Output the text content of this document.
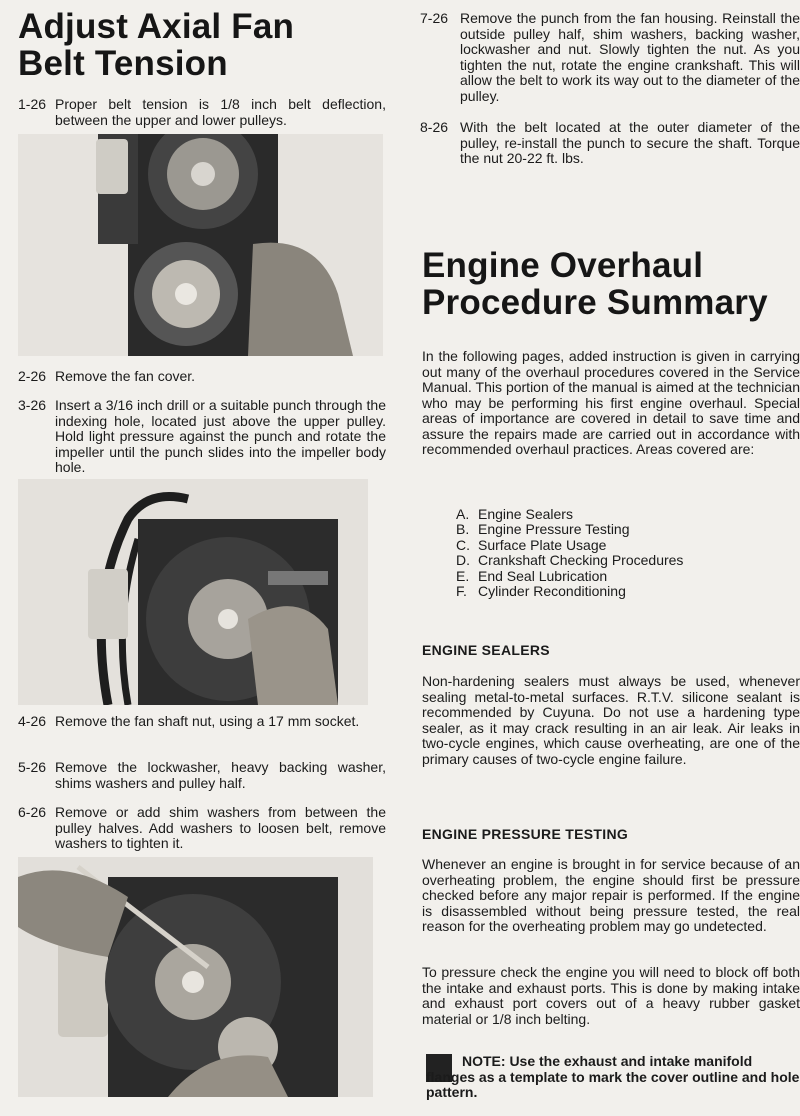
Adjust Axial Fan
Belt Tension
1-26 Proper belt tension is 1/8 inch belt deflection, between the upper and lower pulleys.
2-26 Remove the fan cover.
3-26 Insert a 3/16 inch drill or a suitable punch through the indexing hole, located just above the upper pulley. Hold light pressure against the punch and rotate the impeller until the punch slides into the impeller body hole.
4-26 Remove the fan shaft nut, using a 17 mm socket.
5-26 Remove the lockwasher, heavy backing washer, shims washers and pulley half.
6-26 Remove or add shim washers from between the pulley halves. Add washers to loosen belt, remove washers to tighten it.
7-26 Remove the punch from the fan housing. Reinstall the outside pulley half, shim washers, backing washer, lockwasher and nut. Slowly tighten the nut. As you tighten the nut, rotate the engine crankshaft. This will allow the belt to work its way out to the diameter of the pulley.
8-26 With the belt located at the outer diameter of the pulley, re-install the punch to secure the shaft. Torque the nut 20-22 ft. lbs.
Engine Overhaul
Procedure Summary
In the following pages, added instruction is given in carrying out many of the overhaul procedures covered in the Service Manual. This portion of the manual is aimed at the technician who may be performing his first engine overhaul. Special areas of importance are covered in detail to save time and assure the repairs made are carried out in accordance with recommended overhaul practices. Areas covered are:
A. Engine Sealers
B. Engine Pressure Testing
C. Surface Plate Usage
D. Crankshaft Checking Procedures
E. End Seal Lubrication
F. Cylinder Reconditioning
ENGINE SEALERS
Non-hardening sealers must always be used, whenever sealing metal-to-metal surfaces. R.T.V. silicone sealant is recommended by Cuyuna. Do not use a hardening type sealer, as it may crack resulting in an air leak. Air leaks in two-cycle engines, which cause overheating, are one of the primary causes of two-cycle engine failure.
ENGINE PRESSURE TESTING
Whenever an engine is brought in for service because of an overheating problem, the engine should first be pressure checked before any major repair is performed. If the engine is disassembled without being pressure tested, the real reason for the overheating problem may go undetected.
To pressure check the engine you will need to block off both the intake and exhaust ports. This is done by making intake and exhaust port covers out of a heavy rubber gasket material or 1/8 inch belting.
NOTE: Use the exhaust and intake manifold flanges as a template to mark the cover outline and hole pattern.
